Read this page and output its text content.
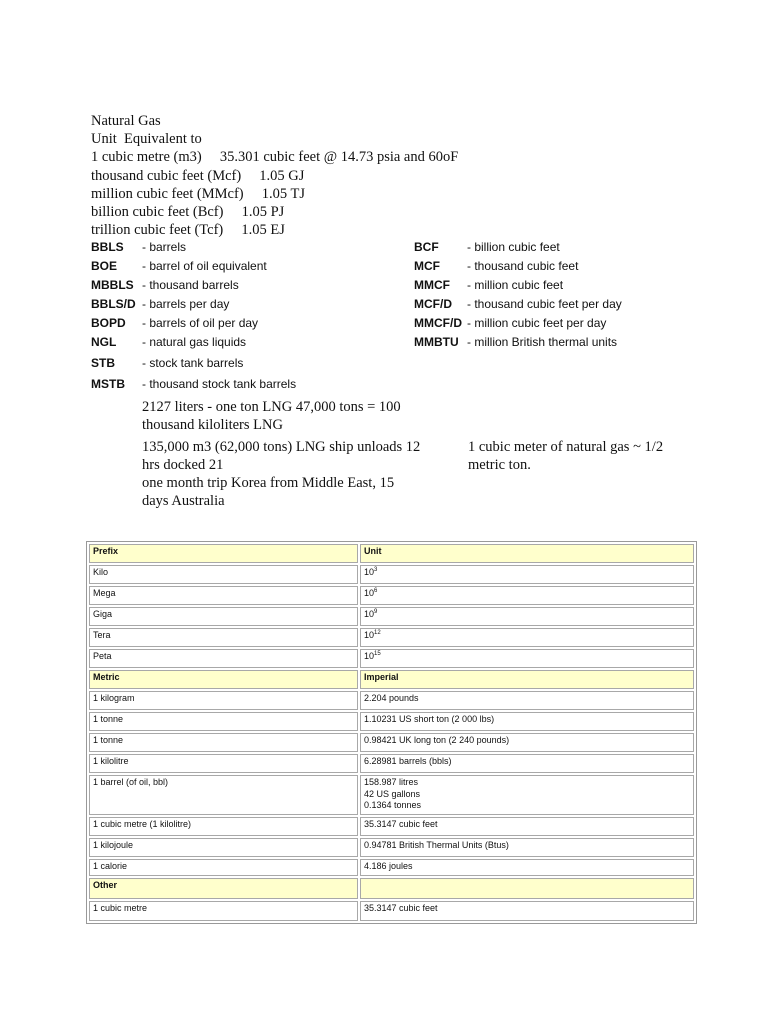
Natural Gas
Unit  Equivalent to
1 cubic metre (m3)     35.301 cubic feet @ 14.73 psia and 60oF
thousand cubic feet (Mcf)     1.05 GJ
million cubic feet (MMcf)     1.05 TJ
billion cubic feet (Bcf)     1.05 PJ
trillion cubic feet (Tcf)     1.05 EJ
BBLS - barrels
BOE - barrel of oil equivalent
MBBLS - thousand barrels
BBLS/D - barrels per day
BOPD - barrels of oil per day
NGL - natural gas liquids
STB - stock tank barrels
MSTB - thousand stock tank barrels
BCF - billion cubic feet
MCF - thousand cubic feet
MMCF - million cubic feet
MCF/D - thousand cubic feet per day
MMCF/D - million cubic feet per day
MMBTU - million British thermal units
2127 liters - one ton LNG 47,000 tons = 100 thousand kiloliters LNG
135,000 m3 (62,000 tons) LNG ship unloads 12 hrs docked 21
one month trip Korea from Middle East, 15 days Australia
1 cubic meter of natural gas ~ 1/2 metric ton.
Prefix	Unit
Kilo	$10^3$
Mega	$10^6$
Giga	$10^9$
Tera	$10^{12}$
Peta	$10^{15}$
Metric	Imperial
1 kilogram	2.204 pounds
1 tonne	1.10231 US short ton (2 000 lbs)
1 tonne	0.98421 UK long ton (2 240 pounds)
1 kilolitre	6.28981 barrels (bbls)
1 barrel (of oil, bbl)	158.987 litres
42 US gallons
0.1364 tonnes

1 cubic metre (1 kilolitre)	35.3147 cubic feet
1 kilojoule	0.94781 British Thermal Units (Btus)
1 calorie	4.186 joules
Other	
1 cubic metre	35.3147 cubic feet
